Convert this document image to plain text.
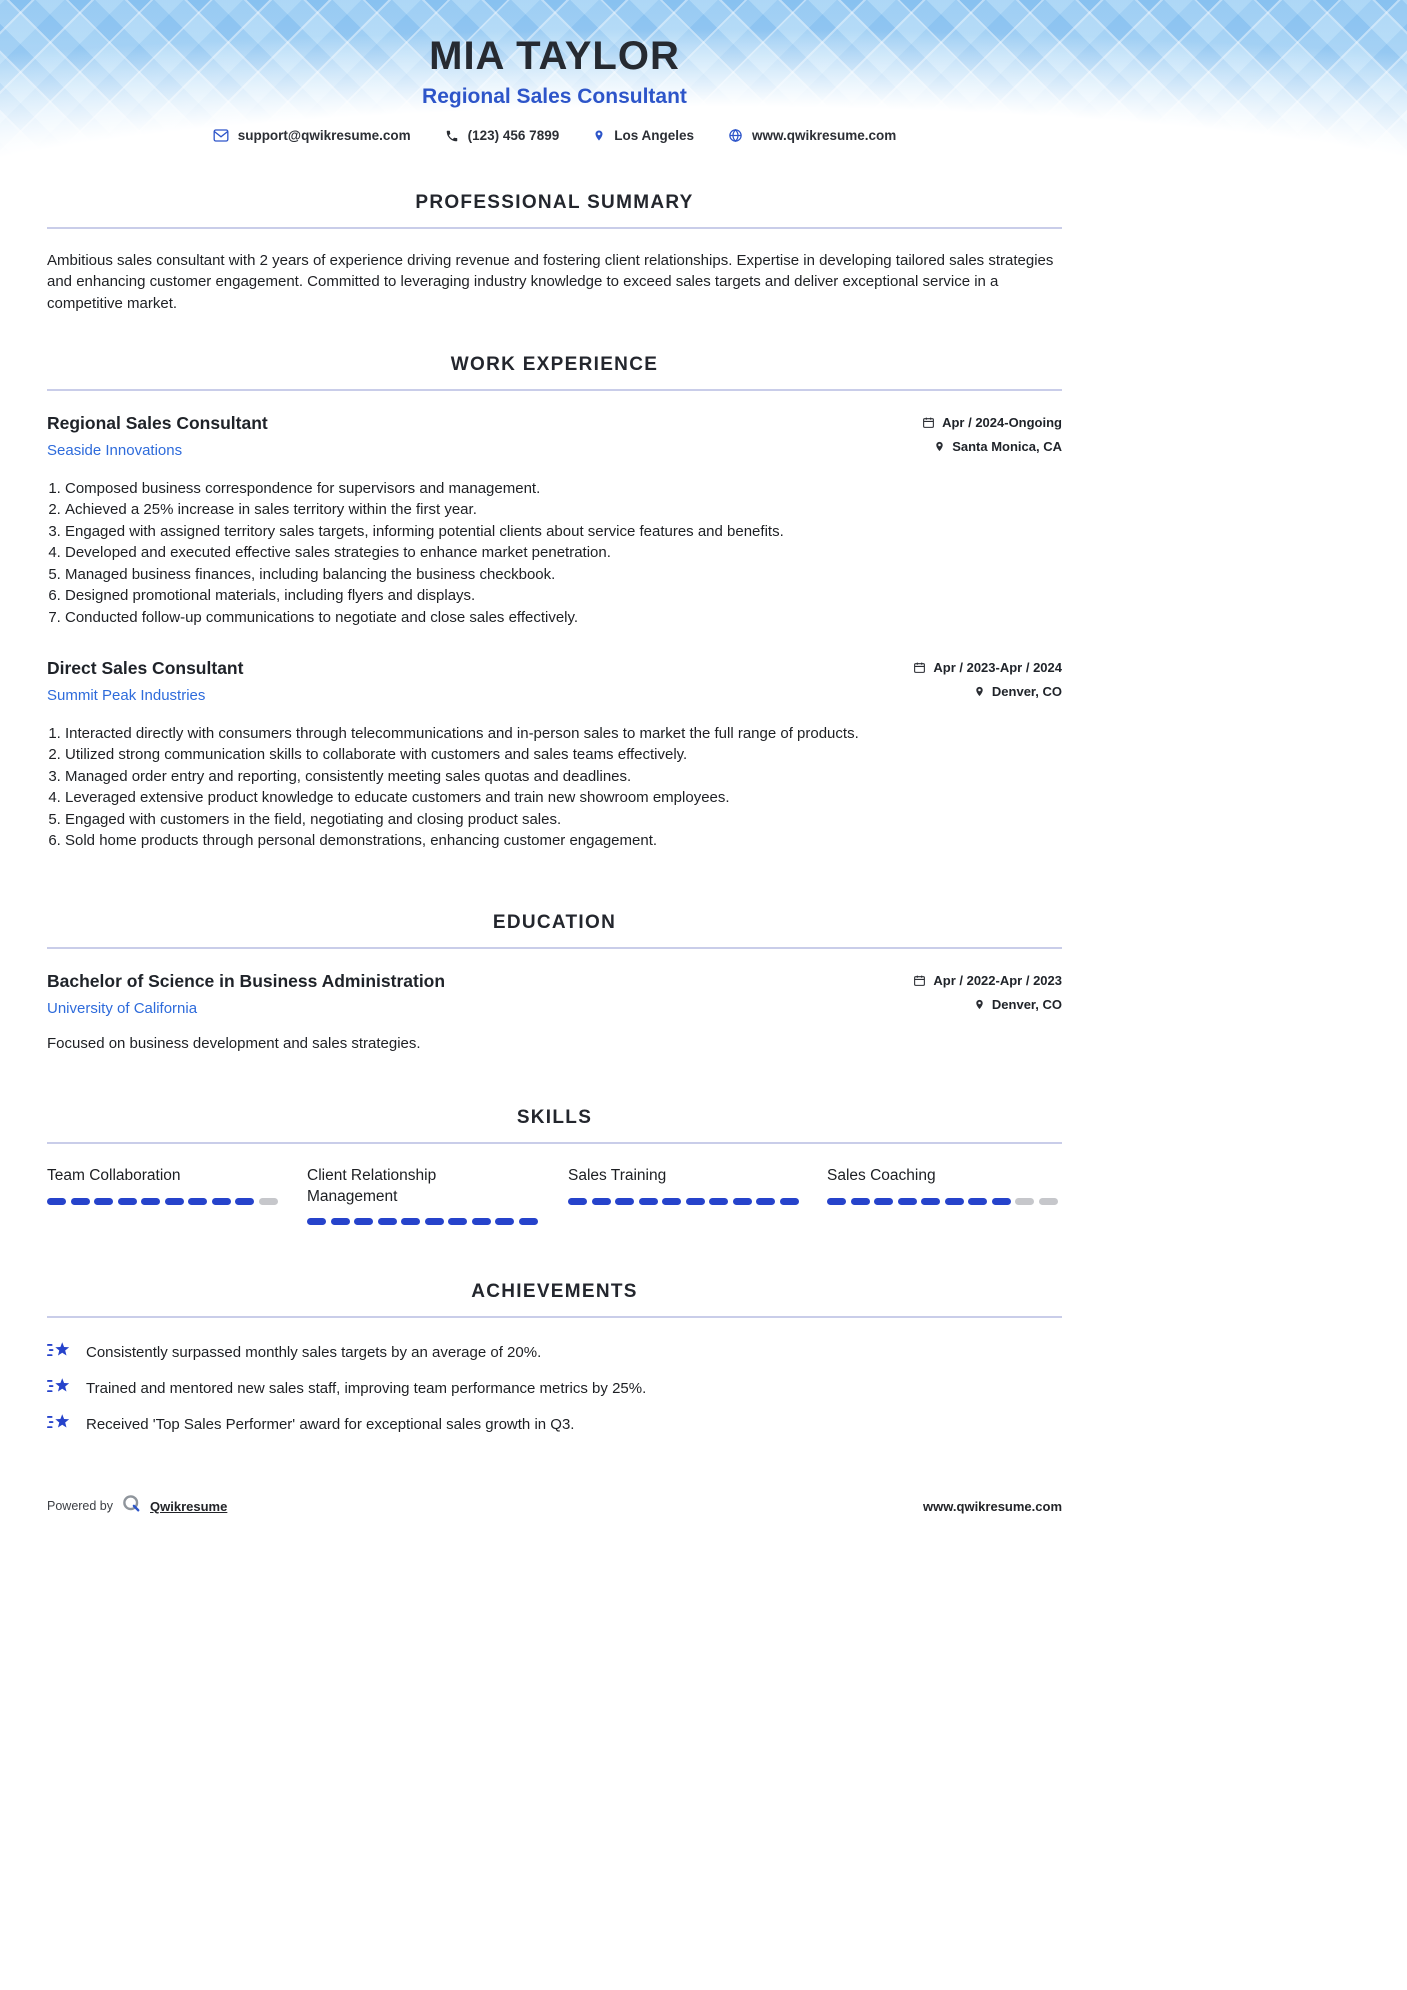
MIA TAYLOR
Regional Sales Consultant
support@qwikresume.com	(123) 456 7899	Los Angeles	www.qwikresume.com
PROFESSIONAL SUMMARY

Ambitious sales consultant with 2 years of experience driving revenue and fostering client relationships. Expertise in developing tailored sales strategies and enhancing customer engagement. Committed to leveraging industry knowledge to exceed sales targets and deliver exceptional service in a competitive market.

WORK EXPERIENCE
Regional Sales Consultant
Seaside Innovations
Apr / 2024-Ongoing
Santa Monica, CA
1. Composed business correspondence for supervisors and management.
2. Achieved a 25% increase in sales territory within the first year.
3. Engaged with assigned territory sales targets, informing potential clients about service features and benefits.
4. Developed and executed effective sales strategies to enhance market penetration.
5. Managed business finances, including balancing the business checkbook.
6. Designed promotional materials, including flyers and displays.
7. Conducted follow-up communications to negotiate and close sales effectively.
Direct Sales Consultant
Summit Peak Industries
Apr / 2023-Apr / 2024
Denver, CO
1. Interacted directly with consumers through telecommunications and in-person sales to market the full range of products.
2. Utilized strong communication skills to collaborate with customers and sales teams effectively.
3. Managed order entry and reporting, consistently meeting sales quotas and deadlines.
4. Leveraged extensive product knowledge to educate customers and train new showroom employees.
5. Engaged with customers in the field, negotiating and closing product sales.
6. Sold home products through personal demonstrations, enhancing customer engagement.
EDUCATION
Bachelor of Science in Business Administration
University of California
Apr / 2022-Apr / 2023
Denver, CO

Focused on business development and sales strategies.

SKILLS
Team Collaboration	Client Relationship Management
Sales Training	Sales Coaching
ACHIEVEMENTS
Consistently surpassed monthly sales targets by an average of 20%.
Trained and mentored new sales staff, improving team performance metrics by 25%.
Received 'Top Sales Performer' award for exceptional sales growth in Q3.
Powered by	Qwikresume	www.qwikresume.com
